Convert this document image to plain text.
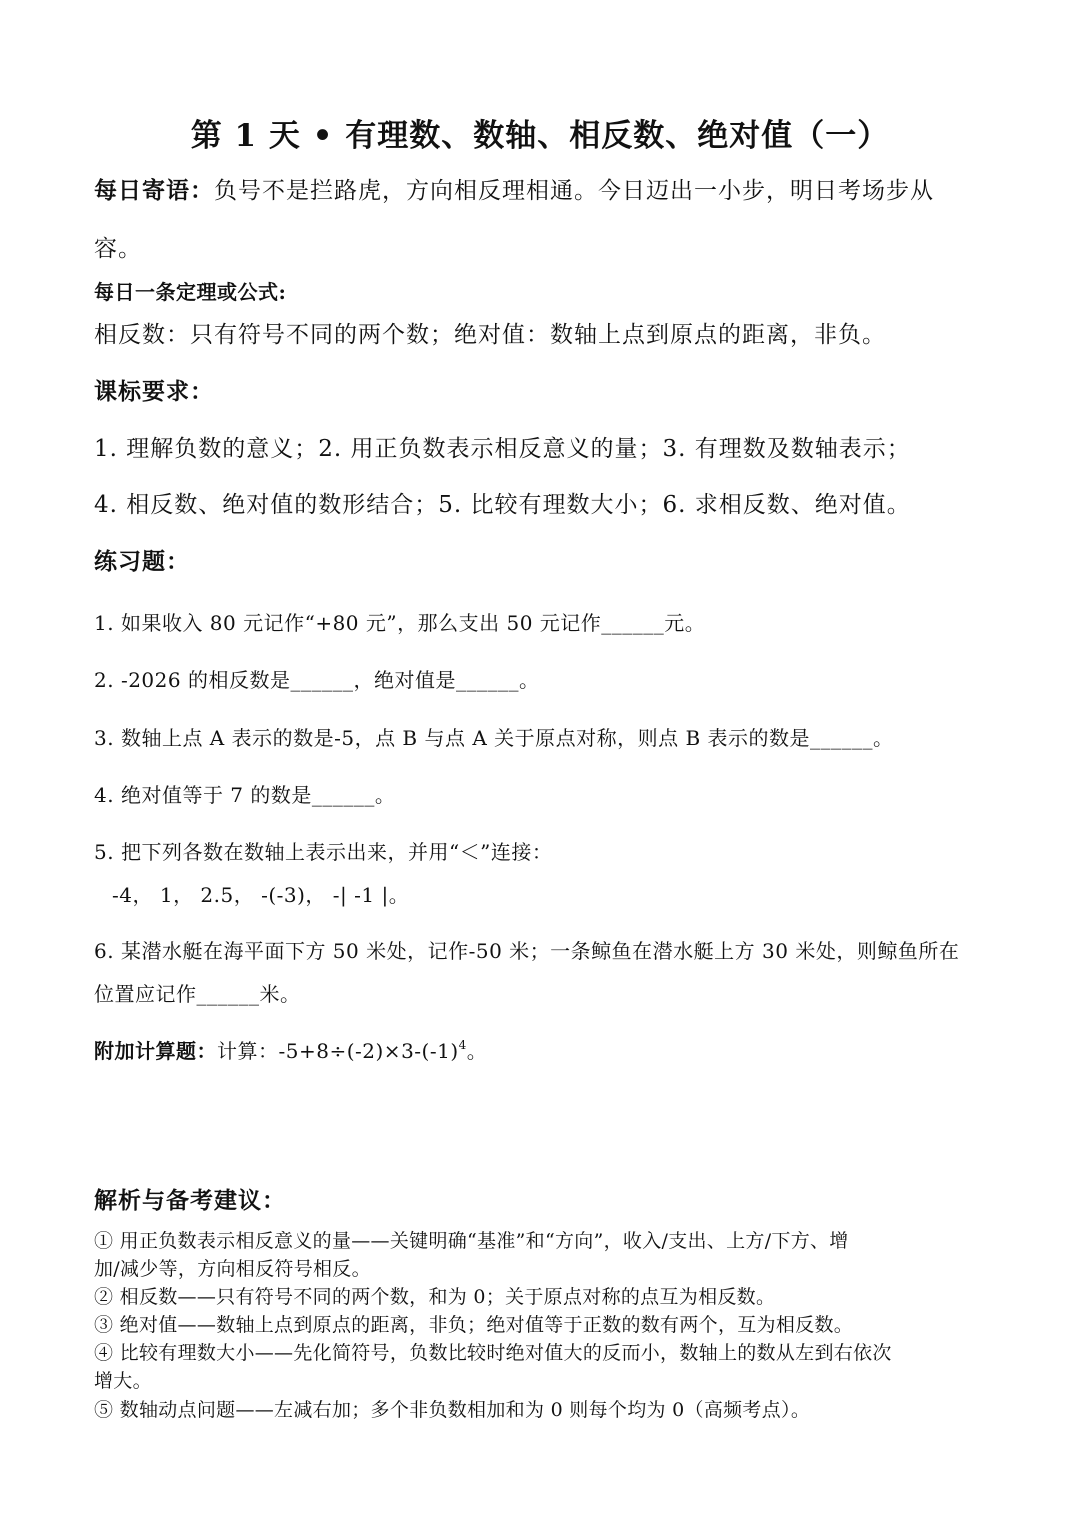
第 1 天 • 有理数、数轴、相反数、绝对值（一）
每日寄语：负号不是拦路虎，方向相反理相通。今日迈出一小步，明日考场步从
容。
每日一条定理或公式:
相反数：只有符号不同的两个数；绝对值：数轴上点到原点的距离，非负。
课标要求：
1. 理解负数的意义；2. 用正负数表示相反意义的量；3. 有理数及数轴表示；
4. 相反数、绝对值的数形结合；5. 比较有理数大小；6. 求相反数、绝对值。
练习题：
1. 如果收入 80 元记作“+80 元”，那么支出 50 元记作______元。
2. -2026 的相反数是______，绝对值是______。
3. 数轴上点 A 表示的数是-5，点 B 与点 A 关于原点对称，则点 B 表示的数是______。
4. 绝对值等于 7 的数是______。
5. 把下列各数在数轴上表示出来，并用“＜”连接：
-4， 1， 2.5， -(-3)， -| -1 |。
6. 某潜水艇在海平面下方 50 米处，记作-50 米；一条鲸鱼在潜水艇上方 30 米处，则鲸鱼所在
位置应记作______米。
附加计算题：计算：$-5+8\div(-2)\times 3-(-1)^4$。
解析与备考建议：
① 用正负数表示相反意义的量——关键明确“基准”和“方向”，收入/支出、上方/下方、增
加/减少等，方向相反符号相反。
② 相反数——只有符号不同的两个数，和为 0；关于原点对称的点互为相反数。
③ 绝对值——数轴上点到原点的距离，非负；绝对值等于正数的数有两个，互为相反数。
④ 比较有理数大小——先化简符号，负数比较时绝对值大的反而小，数轴上的数从左到右依次
增大。
⑤ 数轴动点问题——左减右加；多个非负数相加和为 0 则每个均为 0（高频考点）。
